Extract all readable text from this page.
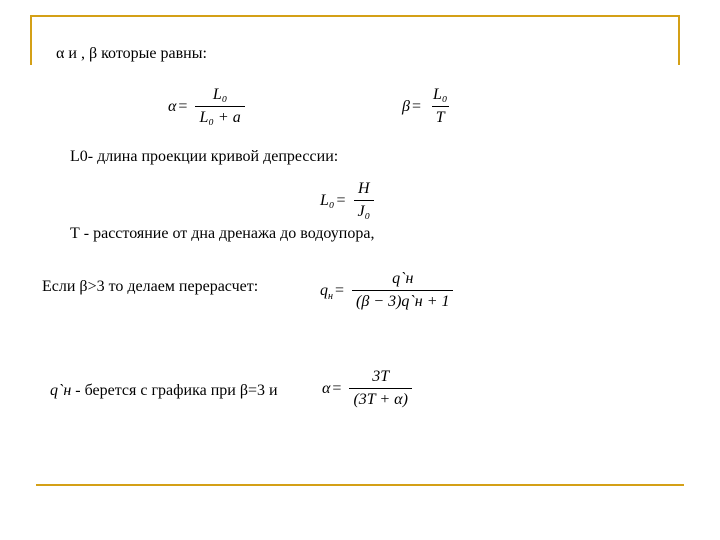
α и , β которые равны:
$\alpha = \frac{\text{L₀}}{\text{L₀ + a}}$	$\beta = \frac{\text{L₀}}{T}$
L0- длина проекции кривой депрессии:
$L_0 = \frac{H}{\text{J₀}}$
Т - расстояние от дна дренажа до водоупора,
Если β>3 то делаем перерасчет:	$q_н = \frac{q`н}{(\beta - 3)q`н + 1}$
q`н - берется с графика при β=3 и	$\alpha = \frac{3T}{(3T + \alpha)}$
